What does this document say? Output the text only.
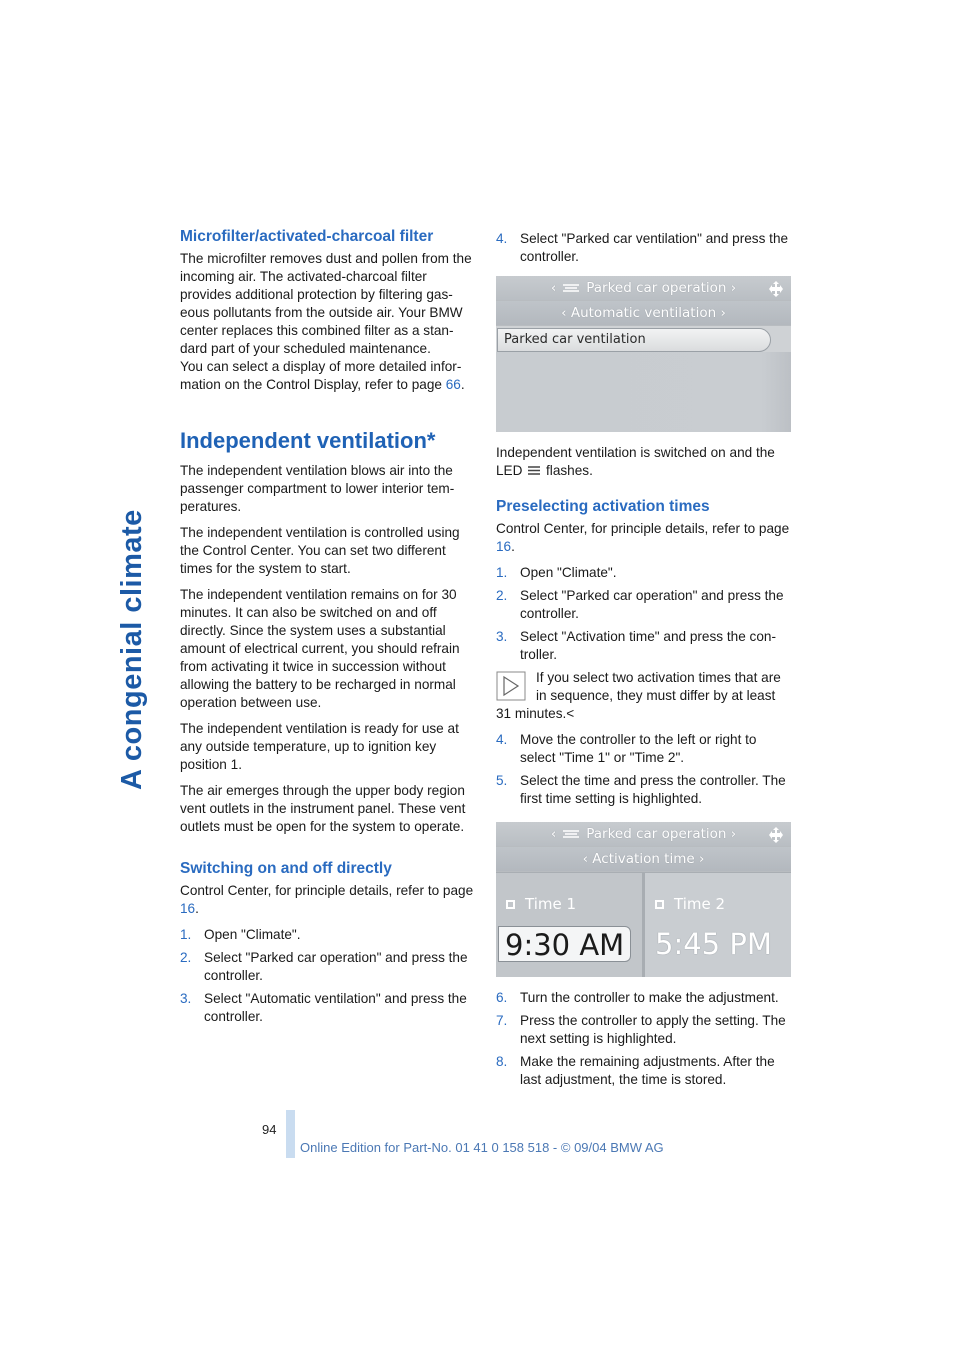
A congenial climate
Microfilter/activated-charcoal filter

The microfilter removes dust and pollen from the incoming air. The activated-charcoal filter provides additional protection by filtering gas-eous pollutants from the outside air. Your BMW center replaces this combined filter as a stan-dard part of your scheduled maintenance.

You can select a display of more detailed infor-mation on the Control Display, refer to page 66.

Independent ventilation*

The independent ventilation blows air into the passenger compartment to lower interior tem-peratures.

The independent ventilation is controlled using the Control Center. You can set two different times for the system to start.

The independent ventilation remains on for 30 minutes. It can also be switched on and off directly. Since the system uses a substantial amount of electrical current, you should refrain from activating it twice in succession without allowing the battery to be recharged in normal operation between use.

The independent ventilation is ready for use at any outside temperature, up to ignition key position 1.

The air emerges through the upper body region vent outlets in the instrument panel. These vent outlets must be open for the system to operate.

Switching on and off directly

Control Center, for principle details, refer to page 16.

1. Open "Climate".
2. Select "Parked car operation" and press the controller.
3. Select "Automatic ventilation" and press the controller.
4. Select "Parked car ventilation" and press the controller.
‹ Parked car operation ›
‹ Automatic ventilation ›
Parked car ventilation

Independent ventilation is switched on and the LED flashes.

Preselecting activation times

Control Center, for principle details, refer to page 16.

1. Open "Climate".
2. Select "Parked car operation" and press the controller.
3. Select "Activation time" and press the con-troller.

If you select two activation times that are in sequence, they must differ by at least 31 minutes.<

4. Move the controller to the left or right to select "Time 1" or "Time 2".
5. Select the time and press the controller. The first time setting is highlighted.
‹ Parked car operation ›
‹ Activation time ›
Time 1
9:30 AM
Time 2
5:45 PM
6. Turn the controller to make the adjustment.
7. Press the controller to apply the setting. The next setting is highlighted.
8. Make the remaining adjustments. After the last adjustment, the time is stored.
94
Online Edition for Part-No. 01 41 0 158 518 - © 09/04 BMW AG
